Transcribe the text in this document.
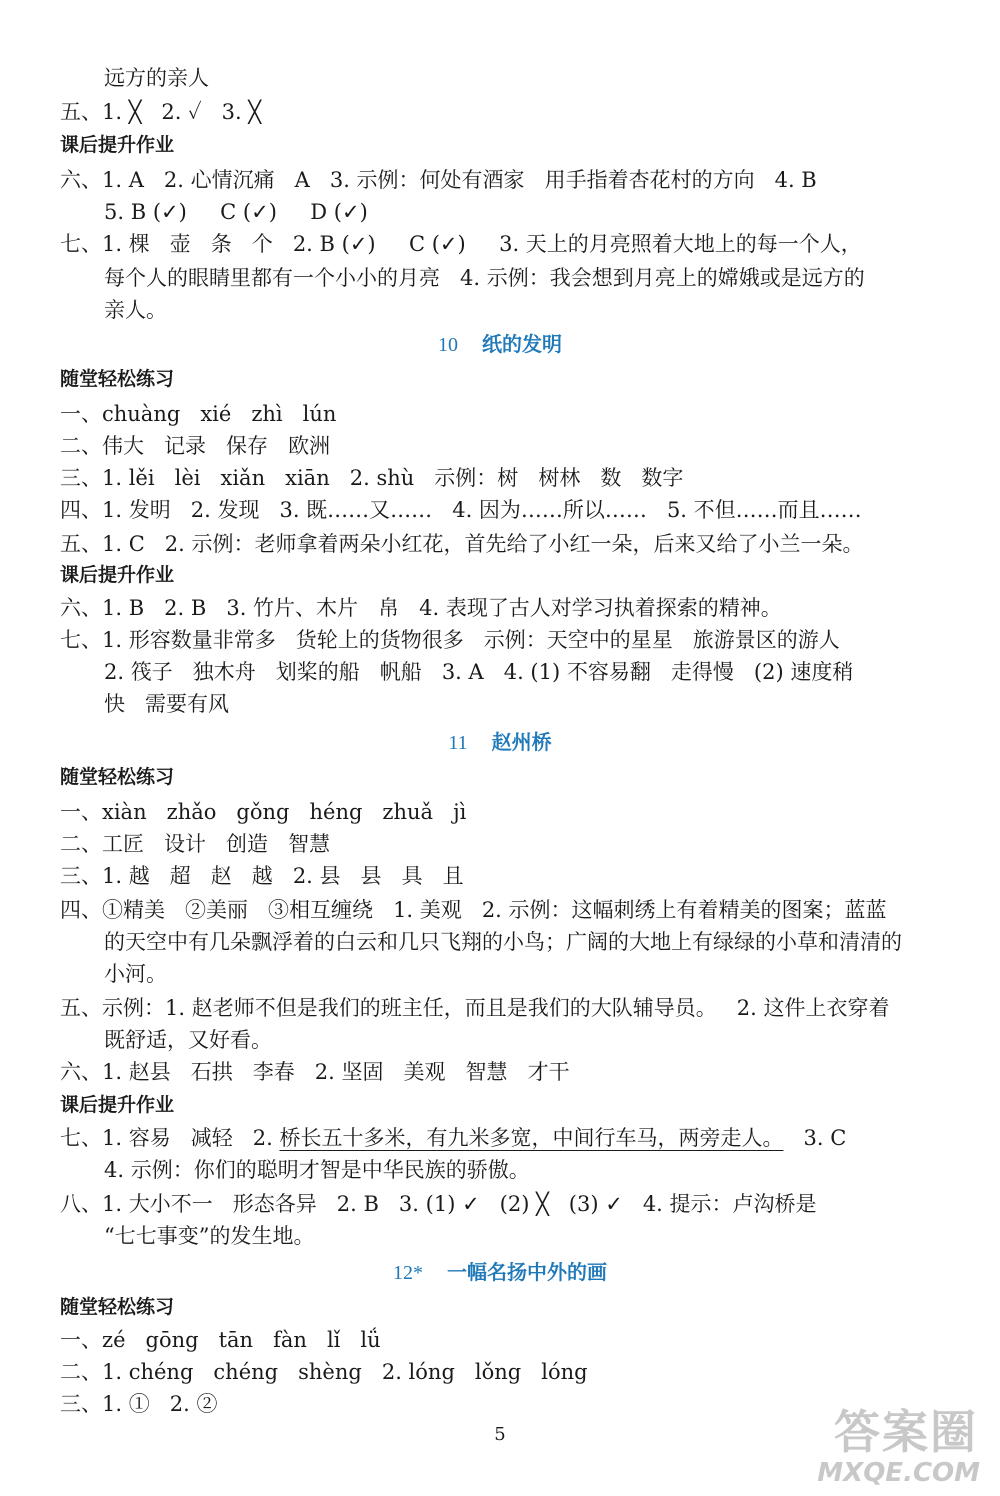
远方的亲人
五、1. ╳   2. ✓   3. ╳
课后提升作业
六、1. A   2. 心情沉痛   A   3. 示例：何处有酒家   用手指着杏花村的方向   4. B
5. B (✓)     C (✓)     D (✓)
七、1. 棵   壶   条   个   2. B (✓)     C (✓)     3. 天上的月亮照着大地上的每一个人，
每个人的眼睛里都有一个小小的月亮   4. 示例：我会想到月亮上的嫦娥或是远方的
亲人。
10 纸的发明
随堂轻松练习
一、chuàng   xié   zhì   lún
二、伟大   记录   保存   欧洲
三、1. lěi   lèi   xiǎn   xiān   2. shù   示例：树   树林   数   数字
四、1. 发明   2. 发现   3. 既……又……   4. 因为……所以……   5. 不但……而且……
五、1. C   2. 示例：老师拿着两朵小红花，首先给了小红一朵，后来又给了小兰一朵。
课后提升作业
六、1. B   2. B   3. 竹片、木片   帛   4. 表现了古人对学习执着探索的精神。
七、1. 形容数量非常多   货轮上的货物很多   示例：天空中的星星   旅游景区的游人
2. 筏子   独木舟   划桨的船   帆船   3. A   4. (1) 不容易翻   走得慢   (2) 速度稍
快   需要有风
11 赵州桥
随堂轻松练习
一、xiàn   zhǎo   gǒng   héng   zhuǎ   jì
二、工匠   设计   创造   智慧
三、1. 越   超   赵   越   2. 县   县   具   且
四、①精美   ②美丽   ③相互缠绕   1. 美观   2. 示例：这幅刺绣上有着精美的图案；蓝蓝
的天空中有几朵飘浮着的白云和几只飞翔的小鸟；广阔的大地上有绿绿的小草和清清的
小河。
五、示例：1. 赵老师不但是我们的班主任，而且是我们的大队辅导员。   2. 这件上衣穿着
既舒适，又好看。
六、1. 赵县   石拱   李春   2. 坚固   美观   智慧   才干
课后提升作业
七、1. 容易   减轻   2. 桥长五十多米，有九米多宽，中间行车马，两旁走人。   3. C
4. 示例：你们的聪明才智是中华民族的骄傲。
八、1. 大小不一   形态各异   2. B   3. (1) ✓   (2) ╳   (3) ✓   4. 提示：卢沟桥是
“七七事变”的发生地。
12* 一幅名扬中外的画
随堂轻松练习
一、zé   gōng   tān   fàn   lǐ   lǘ
二、1. chéng   chéng   shèng   2. lóng   lǒng   lóng
三、1. ①   2. ②
5	答案圈
MXQE.COM
